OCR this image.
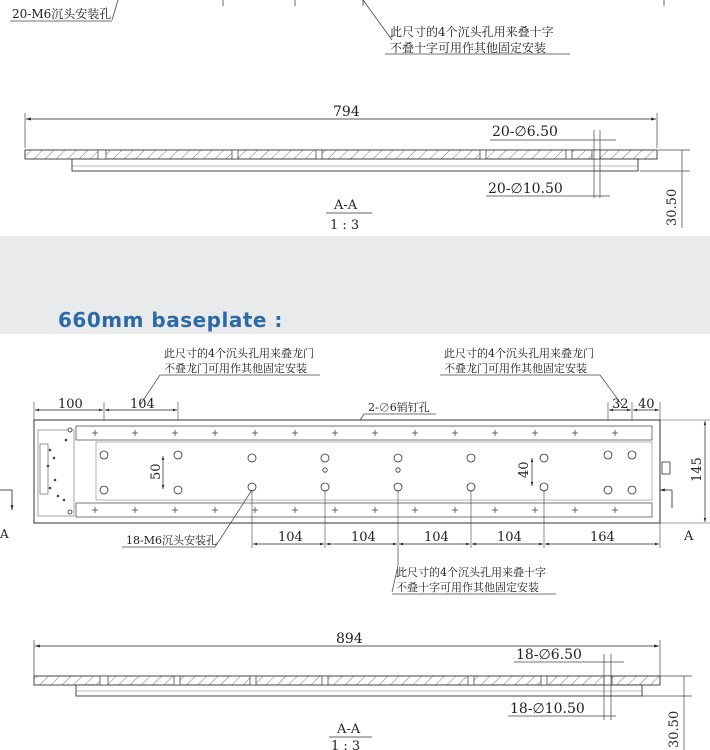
660mm baseplate :
20-M6沉头安装孔
此尺寸的4个沉头孔用来叠十字
不叠十字可用作其他固定安装
794
20-∅6.50
20-∅10.50	30.50
A-A
1 : 3
此尺寸的4个沉头孔用来叠龙门
不叠龙门可用作其他固定安装
此尺寸的4个沉头孔用来叠龙门
不叠龙门可用作其他固定安装
100	104	32 40
2-∅6销钉孔
50	40	145
A
A	18-M6沉头安装孔	104	104	104	104	164
此尺寸的4个沉头孔用来叠十字
不叠十字可用作其他固定安装
894
18-∅6.50
18-∅10.50
30.50
A-A
1 : 3
